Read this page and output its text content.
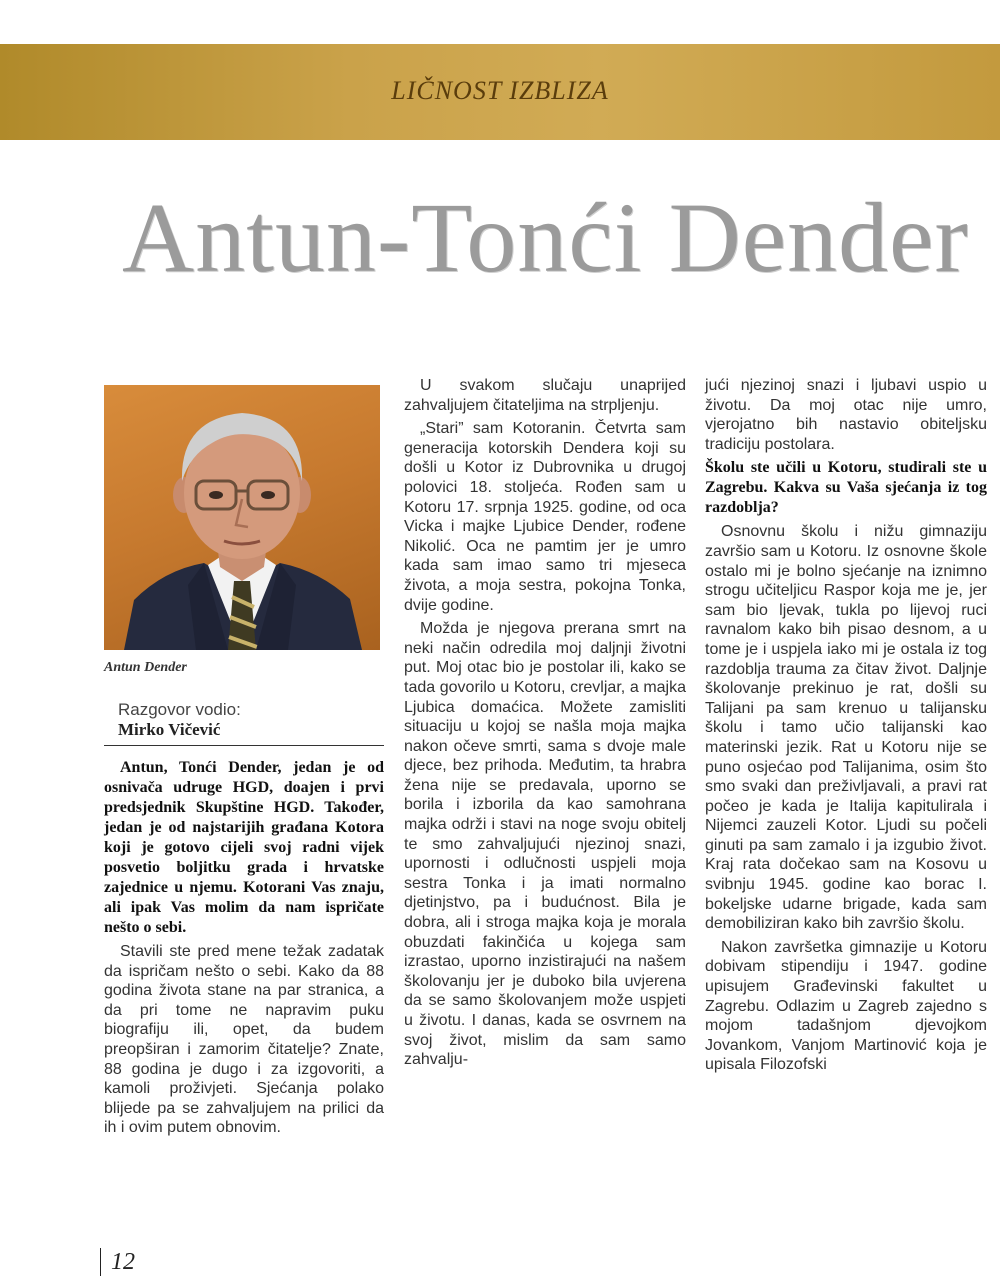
LIČNOST IZBLIZA
Antun-Tonći Dender
Antun Dender
Razgovor vodio:
Mirko Vičević

Antun, Tonći Dender, jedan je od osnivača udruge HGD, doajen i prvi predsjednik Skupštine HGD. Također, jedan je od najstarijih građana Kotora koji je gotovo cijeli svoj radni vijek posvetio boljitku grada i hrvatske zajednice u njemu. Kotorani Vas znaju, ali ipak Vas molim da nam ispričate nešto o sebi.

Stavili ste pred mene težak zadatak da ispričam nešto o sebi. Kako da 88 godina života stane na par stranica, a da pri tome ne napravim puku biografiju ili, opet, da budem preopširan i zamorim čitatelje? Znate, 88 godina je dugo i za izgovoriti, a kamoli proživjeti. Sjećanja polako blijede pa se zahvaljujem na prilici da ih i ovim putem obnovim.

U svakom slučaju unaprijed zahvaljujem čitateljima na strpljenju.

„Stari” sam Kotoranin. Četvrta sam generacija kotorskih Dendera koji su došli u Kotor iz Dubrovnika u drugoj polovici 18. stoljeća. Rođen sam u Kotoru 17. srpnja 1925. godine, od oca Vicka i majke Ljubice Dender, rođene Nikolić. Oca ne pamtim jer je umro kada sam imao samo tri mjeseca života, a moja sestra, pokojna Tonka, dvije godine.

Možda je njegova prerana smrt na neki način odredila moj daljnji životni put. Moj otac bio je postolar ili, kako se tada govorilo u Kotoru, crevljar, a majka Ljubica domaćica. Možete zamisliti situaciju u kojoj se našla moja majka nakon očeve smrti, sama s dvoje male djece, bez prihoda. Međutim, ta hrabra žena nije se predavala, uporno se borila i izborila da kao samohrana majka održi i stavi na noge svoju obitelj te smo zahvaljujući njezinoj snazi, upornosti i odlučnosti uspjeli moja sestra Tonka i ja imati normalno djetinjstvo, pa i budućnost. Bila je dobra, ali i stroga majka koja je morala obuzdati fakinčića u kojega sam izrastao, uporno inzistirajući na našem školovanju jer je duboko bila uvjerena da se samo školovanjem može uspjeti u životu. I danas, kada se osvrnem na svoj život, mislim da sam samo zahvalju-

jući njezinoj snazi i ljubavi uspio u životu. Da moj otac nije umro, vjerojatno bih nastavio obiteljsku tradiciju postolara.

Školu ste učili u Kotoru, studirali ste u Zagrebu. Kakva su Vaša sjećanja iz tog razdoblja?

Osnovnu školu i nižu gimnaziju završio sam u Kotoru. Iz osnovne škole ostalo mi je bolno sjećanje na iznimno strogu učiteljicu Raspor koja me je, jer sam bio ljevak, tukla po lijevoj ruci ravnalom kako bih pisao desnom, a u tome je i uspjela iako mi je ostala iz tog razdoblja trauma za čitav život. Daljnje školovanje prekinuo je rat, došli su Talijani pa sam krenuo u talijansku školu i tamo učio talijanski kao materinski jezik. Rat u Kotoru nije se puno osjećao pod Talijanima, osim što smo svaki dan preživljavali, a pravi rat počeo je kada je Italija kapitulirala i Nijemci zauzeli Kotor. Ljudi su počeli ginuti pa sam zamalo i ja izgubio život. Kraj rata dočekao sam na Kosovu u svibnju 1945. godine kao borac I. bokeljske udarne brigade, kada sam demobiliziran kako bih završio školu.

Nakon završetka gimnazije u Kotoru dobivam stipendiju i 1947. godine upisujem Građevinski fakultet u Zagrebu. Odlazim u Zagreb zajedno s mojom tadašnjom djevojkom Jovankom, Vanjom Martinović koja je upisala Filozofski

12
